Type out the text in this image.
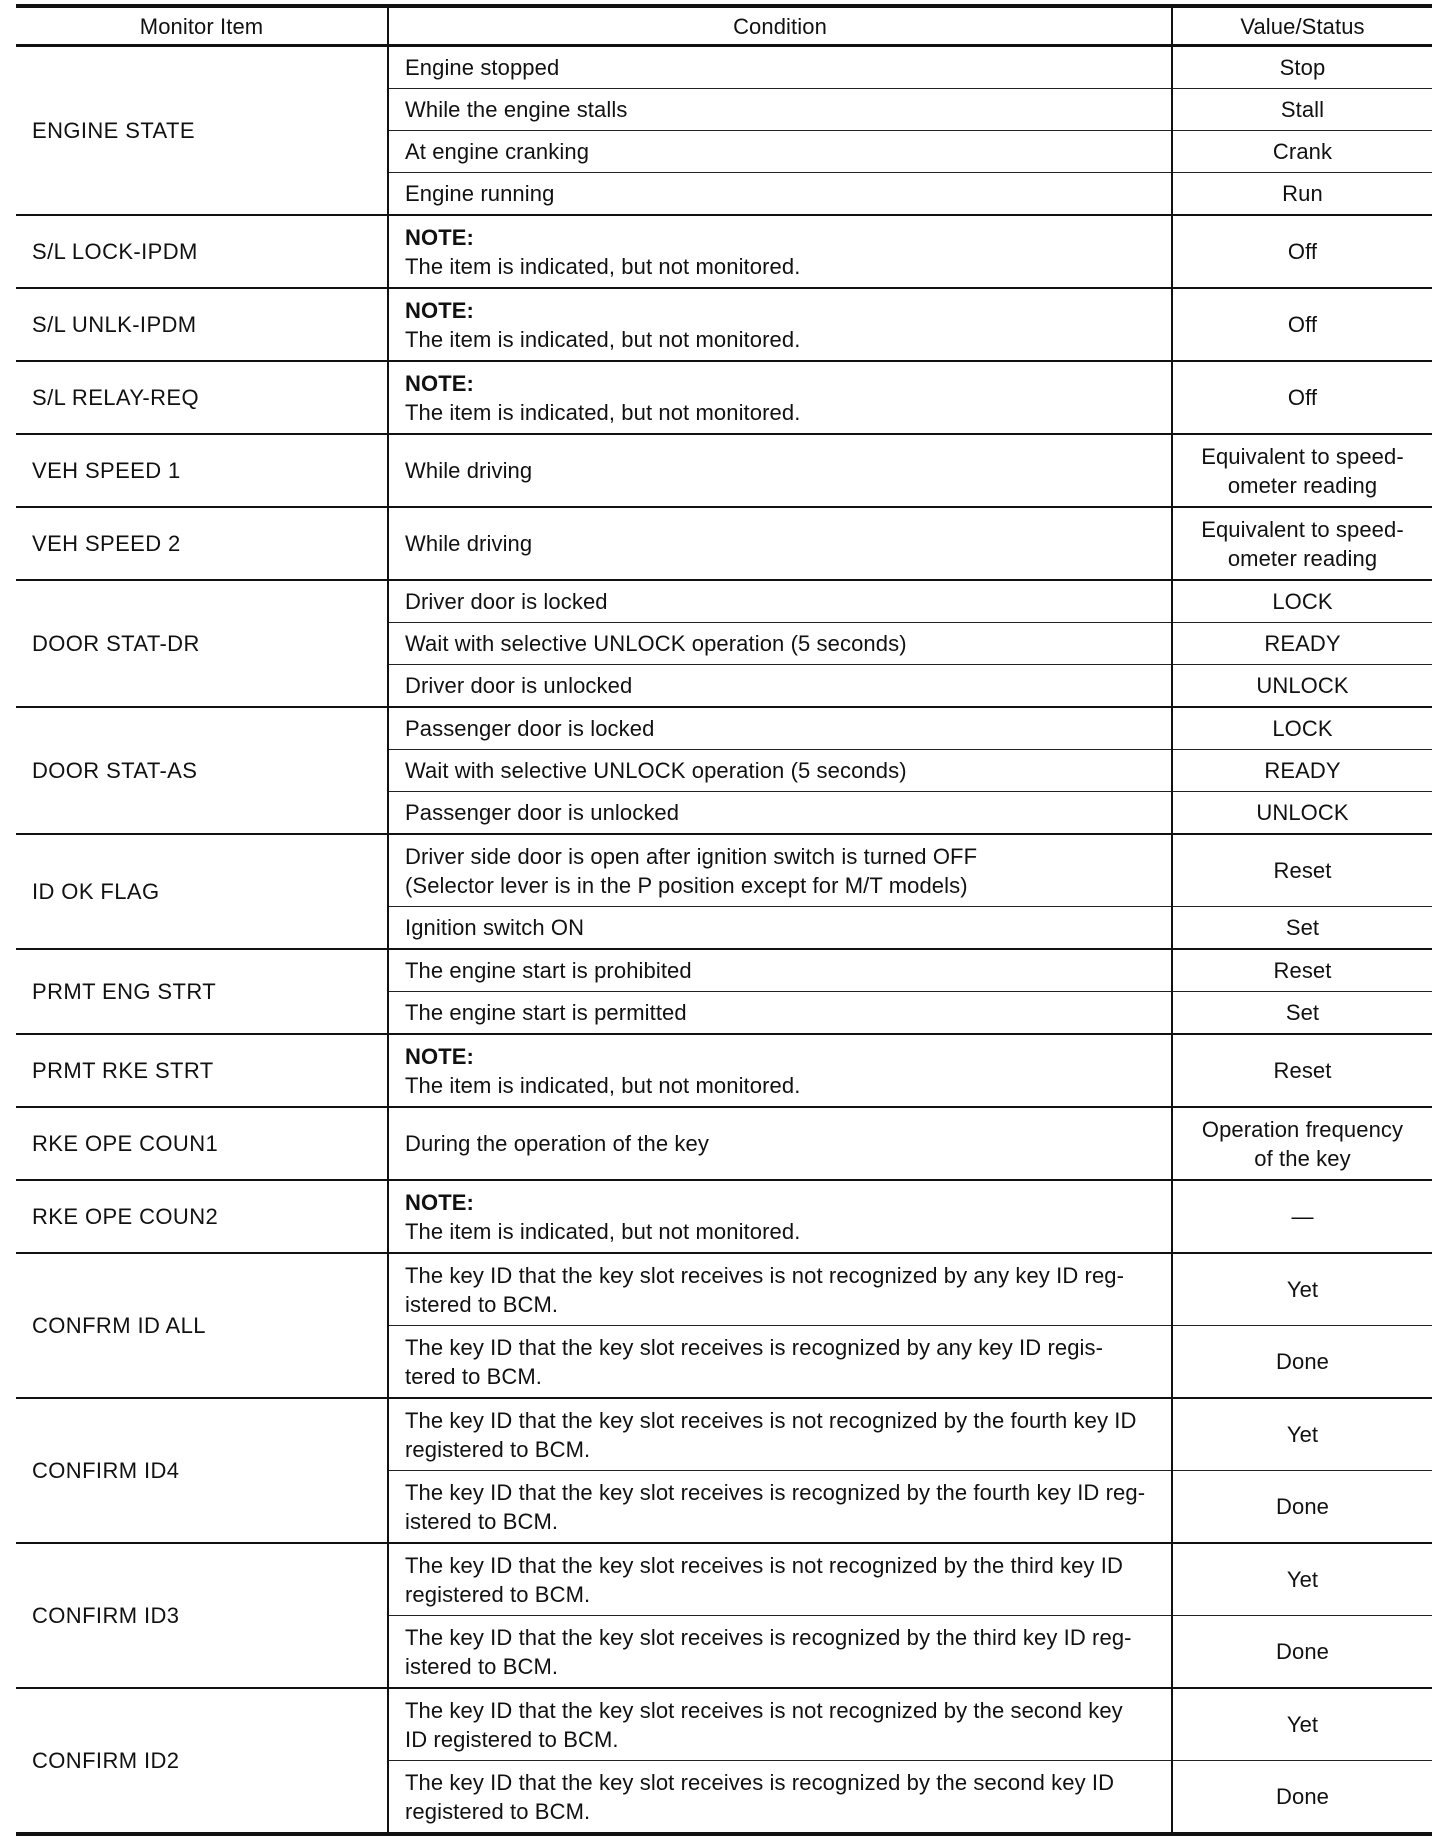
Monitor Item	Condition	Value/Status
ENGINE STATE	Engine stopped	Stop

	While the engine stalls	Stall

	At engine cranking	Crank

	Engine running	Run

S/L LOCK-IPDM	NOTE:
The item is indicated, but not monitored.	Off

S/L UNLK-IPDM	NOTE:
The item is indicated, but not monitored.	Off

S/L RELAY-REQ	NOTE:
The item is indicated, but not monitored.	Off

VEH SPEED 1	While driving	Equivalent to speed-
ometer reading

VEH SPEED 2	While driving	Equivalent to speed-
ometer reading

DOOR STAT-DR	Driver door is locked	LOCK

	Wait with selective UNLOCK operation (5 seconds)	READY

	Driver door is unlocked	UNLOCK

DOOR STAT-AS	Passenger door is locked	LOCK

	Wait with selective UNLOCK operation (5 seconds)	READY

	Passenger door is unlocked	UNLOCK

ID OK FLAG	Driver side door is open after ignition switch is turned OFF
(Selector lever is in the P position except for M/T models)	Reset

	Ignition switch ON	Set

PRMT ENG STRT	The engine start is prohibited	Reset

	The engine start is permitted	Set

PRMT RKE STRT	NOTE:
The item is indicated, but not monitored.	Reset

RKE OPE COUN1	During the operation of the key	Operation frequency
of the key

RKE OPE COUN2	NOTE:
The item is indicated, but not monitored.	—

CONFRM ID ALL	The key ID that the key slot receives is not recognized by any key ID reg-
istered to BCM.	Yet

	The key ID that the key slot receives is recognized by any key ID regis-
tered to BCM.	Done

CONFIRM ID4	The key ID that the key slot receives is not recognized by the fourth key ID
registered to BCM.	Yet

	The key ID that the key slot receives is recognized by the fourth key ID reg-
istered to BCM.	Done

CONFIRM ID3	The key ID that the key slot receives is not recognized by the third key ID
registered to BCM.	Yet

	The key ID that the key slot receives is recognized by the third key ID reg-
istered to BCM.	Done

CONFIRM ID2	The key ID that the key slot receives is not recognized by the second key
ID registered to BCM.	Yet

	The key ID that the key slot receives is recognized by the second key ID
registered to BCM.	Done
